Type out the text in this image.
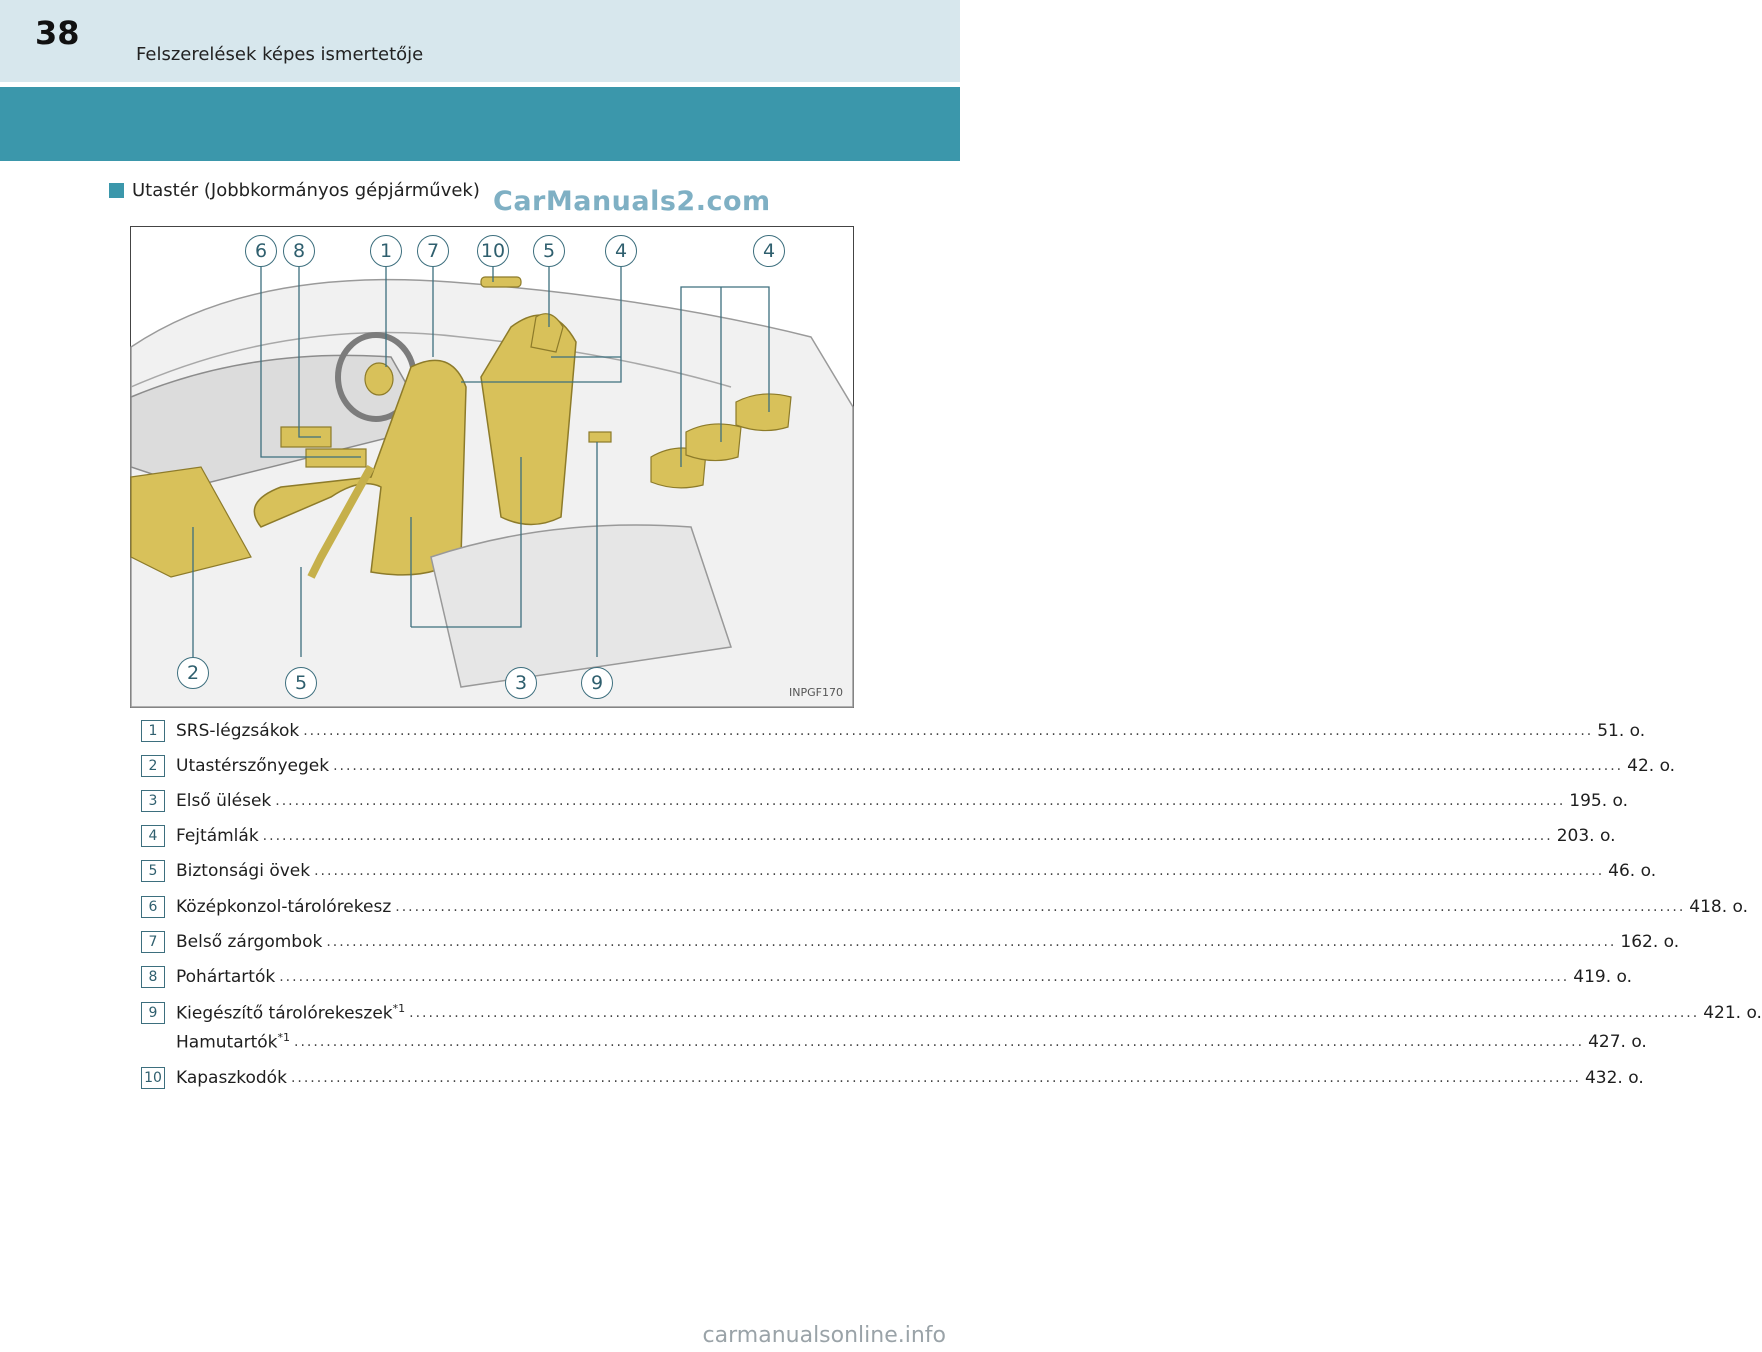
38
Felszerelések képes ismertetője
Utastér (Jobbkormányos gépjárművek) CarManuals2.com
6	8	1	7	10	5	4	4
2	5	3	9	INPGF170
1	SRS-légzsákok ........................................................................................................................................................................................................ 51. o.
2	Utastérszőnyegek ........................................................................................................................................................................................................ 42. o.
3	Első ülések ........................................................................................................................................................................................................ 195. o.
4	Fejtámlák ........................................................................................................................................................................................................ 203. o.
5	Biztonsági övek ........................................................................................................................................................................................................ 46. o.
6	Középkonzol-tárolórekesz ........................................................................................................................................................................................................ 418. o.
7	Belső zárgombok ........................................................................................................................................................................................................ 162. o.
8	Pohártartók ........................................................................................................................................................................................................ 419. o.
9	Kiegészítő tárolórekeszek$^{*1}$ ........................................................................................................................................................................................................ 421. o.
Hamutartók$^{*1}$ ........................................................................................................................................................................................................ 427. o.
10 Kapaszkodók ........................................................................................................................................................................................................ 432. o.
carmanualsonline.info
